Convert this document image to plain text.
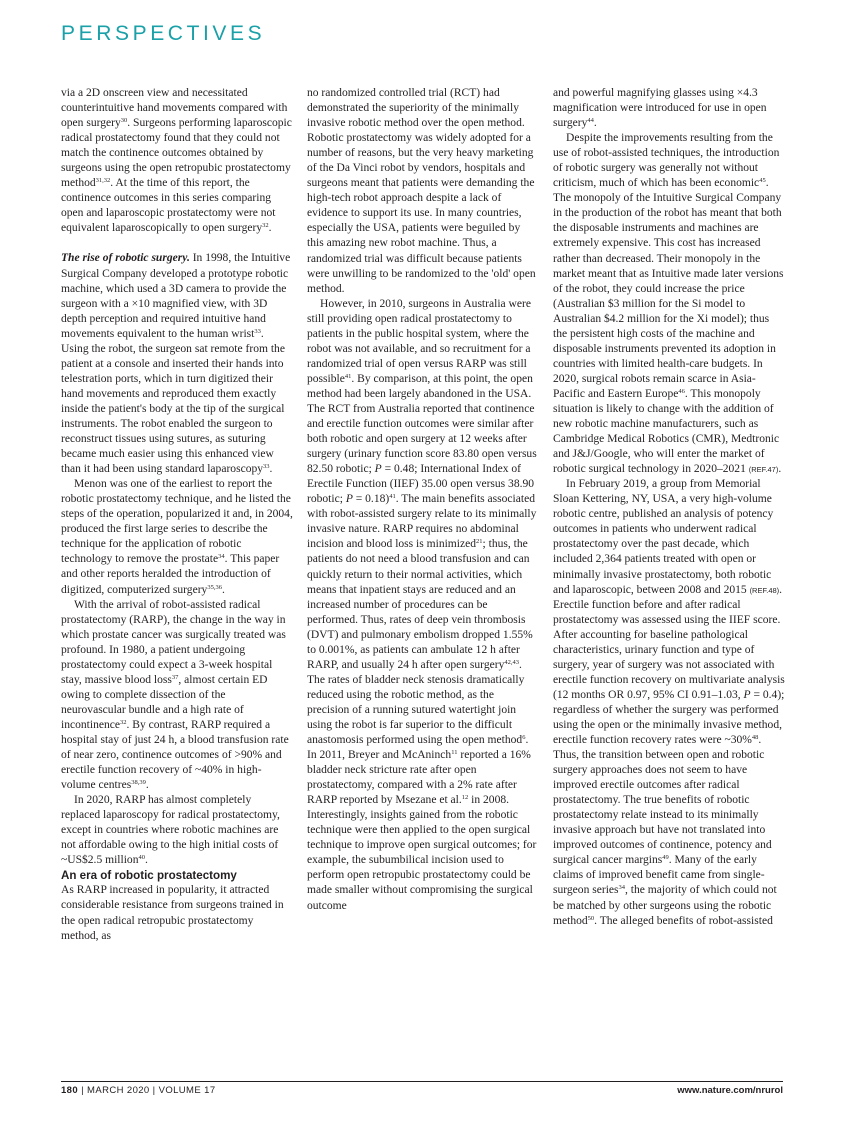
PERSPECTIVES

via a 2D onscreen view and necessitated counterintuitive hand movements compared with open surgery$^{30}$. Surgeons performing laparoscopic radical prostatectomy found that they could not match the continence outcomes obtained by surgeons using the open retropubic prostatectomy method$^{31,32}$. At the time of this report, the continence outcomes in this series comparing open and laparoscopic prostatectomy were not equivalent laparoscopically to open surgery$^{32}$.

The rise of robotic surgery. In 1998, the Intuitive Surgical Company developed a prototype robotic machine, which used a 3D camera to provide the surgeon with a ×10 magnified view, with 3D depth perception and required intuitive hand movements equivalent to the human wrist$^{33}$. Using the robot, the surgeon sat remote from the patient at a console and inserted their hands into telestration ports, which in turn digitized their hand movements and reproduced them exactly inside the patient's body at the tip of the surgical instruments. The robot enabled the surgeon to reconstruct tissues using sutures, as suturing became much easier using this enhanced view than it had been using standard laparoscopy$^{33}$.

Menon was one of the earliest to report the robotic prostatectomy technique, and he listed the steps of the operation, popularized it and, in 2004, produced the first large series to describe the technique for the application of robotic technology to remove the prostate$^{34}$. This paper and other reports heralded the introduction of digitized, computerized surgery$^{35,36}$.

With the arrival of robot-assisted radical prostatectomy (RARP), the change in the way in which prostate cancer was surgically treated was profound. In 1980, a patient undergoing prostatectomy could expect a 3-week hospital stay, massive blood loss$^{37}$, almost certain ED owing to complete dissection of the neurovascular bundle and a high rate of incontinence$^{32}$. By contrast, RARP required a hospital stay of just 24 h, a blood transfusion rate of near zero, continence outcomes of >90% and erectile function recovery of ~40% in high-volume centres$^{38,39}$.

In 2020, RARP has almost completely replaced laparoscopy for radical prostatectomy, except in countries where robotic machines are not affordable owing to the high initial costs of ~US$2.5 million$^{40}$.

An era of robotic prostatectomy

As RARP increased in popularity, it attracted considerable resistance from surgeons trained in the open radical retropubic prostatectomy method, as

no randomized controlled trial (RCT) had demonstrated the superiority of the minimally invasive robotic method over the open method. Robotic prostatectomy was widely adopted for a number of reasons, but the very heavy marketing of the Da Vinci robot by vendors, hospitals and surgeons meant that patients were demanding the high-tech robot approach despite a lack of evidence to support its use. In many countries, especially the USA, patients were beguiled by this amazing new robot machine. Thus, a randomized trial was difficult because patients were unwilling to be randomized to the 'old' open method.

However, in 2010, surgeons in Australia were still providing open radical prostatectomy to patients in the public hospital system, where the robot was not available, and so recruitment for a randomized trial of open versus RARP was still possible$^{41}$. By comparison, at this point, the open method had been largely abandoned in the USA. The RCT from Australia reported that continence and erectile function outcomes were similar after both robotic and open surgery at 12 weeks after surgery (urinary function score 83.80 open versus 82.50 robotic; P = 0.48; International Index of Erectile Function (IIEF) 35.00 open versus 38.90 robotic; P = 0.18)$^{41}$. The main benefits associated with robot-assisted surgery relate to its minimally invasive nature. RARP requires no abdominal incision and blood loss is minimized$^{21}$; thus, the patients do not need a blood transfusion and can quickly return to their normal activities, which means that inpatient stays are reduced and an increased number of procedures can be performed. Thus, rates of deep vein thrombosis (DVT) and pulmonary embolism dropped 1.55% to 0.001%, as patients can ambulate 12 h after RARP, and usually 24 h after open surgery$^{42,43}$. The rates of bladder neck stenosis dramatically reduced using the robotic method, as the precision of a running sutured watertight join using the robot is far superior to the difficult anastomosis performed using the open method$^6$. In 2011, Breyer and McAninch$^{11}$ reported a 16% bladder neck stricture rate after open prostatectomy, compared with a 2% rate after RARP reported by Msezane et al.$^{12}$ in 2008. Interestingly, insights gained from the robotic technique were then applied to the open surgical technique to improve open surgical outcomes; for example, the subumbilical incision used to perform open retropubic prostatectomy could be made smaller without compromising the surgical outcome

and powerful magnifying glasses using ×4.3 magnification were introduced for use in open surgery$^{44}$.

Despite the improvements resulting from the use of robot-assisted techniques, the introduction of robotic surgery was generally not without criticism, much of which has been economic$^{45}$. The monopoly of the Intuitive Surgical Company in the production of the robot has meant that both the disposable instruments and machines are extremely expensive. This cost has increased rather than decreased. Their monopoly in the market meant that as Intuitive made later versions of the robot, they could increase the price (Australian $3 million for the Si model to Australian $4.2 million for the Xi model); thus the persistent high costs of the machine and disposable instruments prevented its adoption in countries with limited health-care budgets. In 2020, surgical robots remain scarce in Asia-Pacific and Eastern Europe$^{46}$. This monopoly situation is likely to change with the addition of new robotic machine manufacturers, such as Cambridge Medical Robotics (CMR), Medtronic and J&J/Google, who will enter the market of robotic surgical technology in 2020–2021 (REF.47).

In February 2019, a group from Memorial Sloan Kettering, NY, USA, a very high-volume robotic centre, published an analysis of potency outcomes in patients who underwent radical prostatectomy over the past decade, which included 2,364 patients treated with open or minimally invasive prostatectomy, both robotic and laparoscopic, between 2008 and 2015 (REF.48). Erectile function before and after radical prostatectomy was assessed using the IIEF score. After accounting for baseline pathological characteristics, urinary function and type of surgery, year of surgery was not associated with erectile function recovery on multivariate analysis (12 months OR 0.97, 95% CI 0.91–1.03, P = 0.4); regardless of whether the surgery was performed using the open or the minimally invasive method, erectile function recovery rates were ~30%$^{48}$. Thus, the transition between open and robotic surgery approaches does not seem to have improved erectile outcomes after radical prostatectomy. The true benefits of robotic prostatectomy relate instead to its minimally invasive approach but have not translated into improved outcomes of continence, potency and surgical cancer margins$^{49}$. Many of the early claims of improved benefit came from single-surgeon series$^{34}$, the majority of which could not be matched by other surgeons using the robotic method$^{50}$. The alleged benefits of robot-assisted

180 | MARCH 2020 | VOLUME 17	www.nature.com/nrurol
